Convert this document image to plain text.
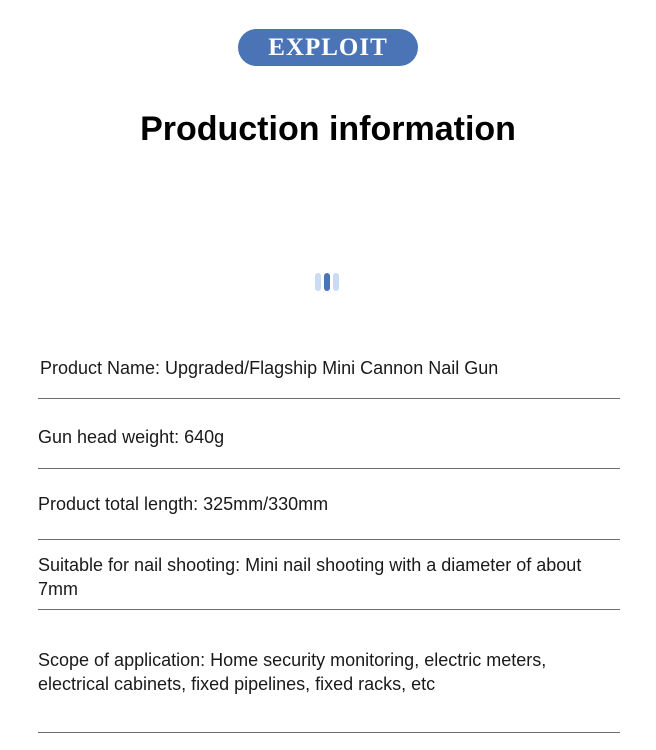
EXPLOIT
Production information
Product Name: Upgraded/Flagship Mini Cannon Nail Gun
Gun head weight: 640g
Product total length: 325mm/330mm
Suitable for nail shooting: Mini nail shooting with a diameter of about 7mm
Scope of application: Home security monitoring, electric meters, electrical cabinets, fixed pipelines, fixed racks, etc
